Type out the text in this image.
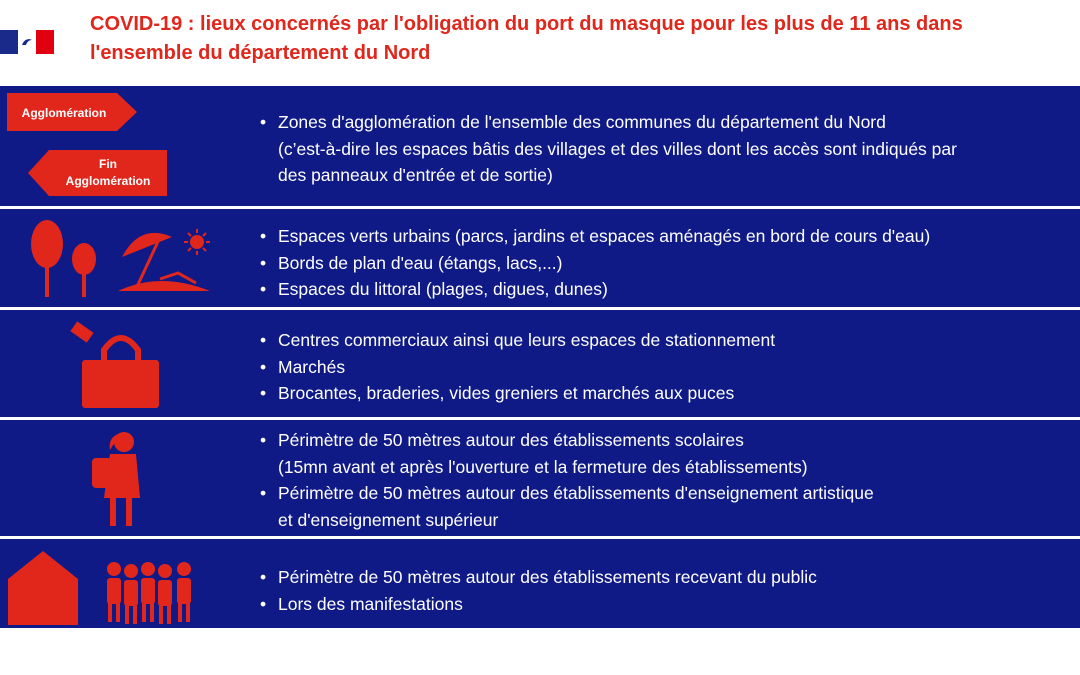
COVID-19 : lieux concernés par l'obligation du port du masque pour les plus de 11 ans dans
l'ensemble du département du Nord
Agglomération
Fin
Agglomération
• Zones d'agglomération de l'ensemble des communes du département du Nord
(c’est-à-dire les espaces bâtis des villages et des villes dont les accès sont indiqués par
des panneaux d'entrée et de sortie)
• Espaces verts urbains (parcs, jardins et espaces aménagés en bord de cours d'eau)
• Bords de plan d'eau (étangs, lacs,...)
• Espaces du littoral (plages, digues, dunes)
• Centres commerciaux ainsi que leurs espaces de stationnement
• Marchés
• Brocantes, braderies, vides greniers et marchés aux puces
• Périmètre de 50 mètres autour des établissements scolaires
(15mn avant et après l'ouverture et la fermeture des établissements)
• Périmètre de 50 mètres autour des établissements d'enseignement artistique
et d'enseignement supérieur
• Périmètre de 50 mètres autour des établissements recevant du public
• Lors des manifestations
